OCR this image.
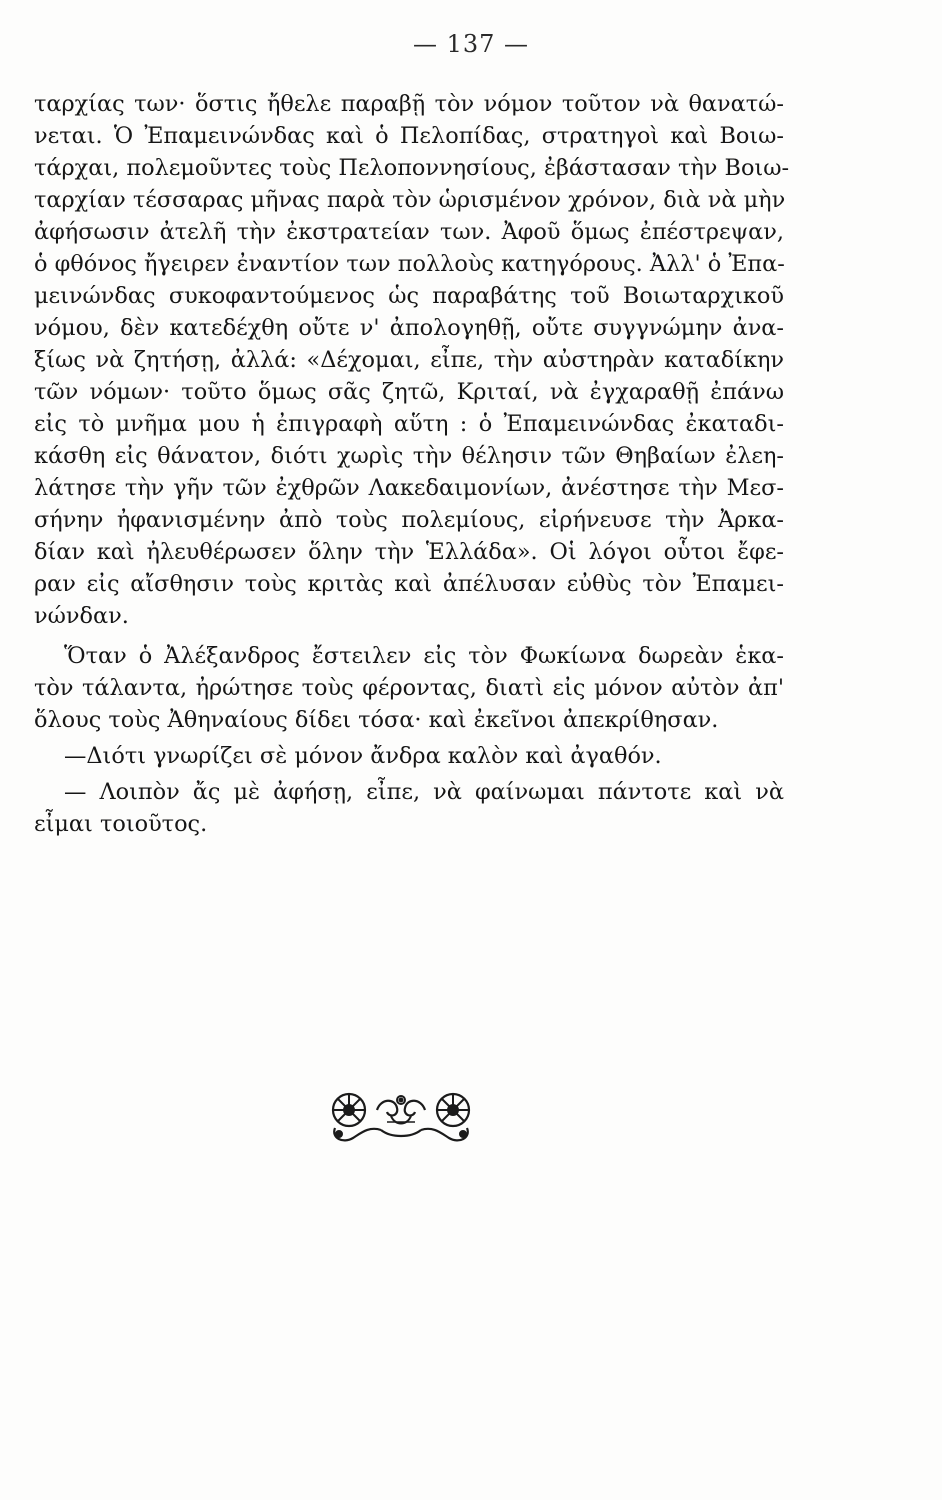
— 137 —
ταρχίας των· ὅστις ἤθελε παραβῇ τὸν νόμον τοῦτον νὰ θανατώ-
νεται. Ὁ Ἐπαμεινώνδας καὶ ὁ Πελοπίδας, στρατηγοὶ καὶ Βοιω-
τάρχαι, πολεμοῦντες τοὺς Πελοποννησίους, ἐβάστασαν τὴν Βοιω-
ταρχίαν τέσσαρας μῆνας παρὰ τὸν ὡρισμένον χρόνον, διὰ νὰ μὴν
ἀφήσωσιν ἀτελῆ τὴν ἐκστρατείαν των. Ἀφοῦ ὅμως ἐπέστρεψαν,
ὁ φθόνος ἤγειρεν ἐναντίον των πολλοὺς κατηγόρους. Ἀλλ' ὁ Ἐπα-
μεινώνδας συκοφαντούμενος ὡς παραβάτης τοῦ Βοιωταρχικοῦ
νόμου, δὲν κατεδέχθη οὔτε ν' ἀπολογηθῇ, οὔτε συγγνώμην ἀνα-
ξίως νὰ ζητήσῃ, ἀλλά: «Δέχομαι, εἶπε, τὴν αὐστηρὰν καταδίκην
τῶν νόμων· τοῦτο ὅμως σᾶς ζητῶ, Κριταί, νὰ ἐγχαραθῇ ἐπάνω
εἰς τὸ μνῆμα μου ἡ ἐπιγραφὴ αὕτη : ὁ Ἐπαμεινώνδας ἐκαταδι-
κάσθη εἰς θάνατον, διότι χωρὶς τὴν θέλησιν τῶν Θηβαίων ἐλεη-
λάτησε τὴν γῆν τῶν ἐχθρῶν Λακεδαιμονίων, ἀνέστησε τὴν Μεσ-
σήνην ἠφανισμένην ἀπὸ τοὺς πολεμίους, εἰρήνευσε τὴν Ἀρκα-
δίαν καὶ ἠλευθέρωσεν ὅλην τὴν Ἑλλάδα». Οἱ λόγοι οὗτοι ἔφε-
ραν εἰς αἴσθησιν τοὺς κριτὰς καὶ ἀπέλυσαν εὐθὺς τὸν Ἐπαμει-
νώνδαν.
Ὅταν ὁ Ἀλέξανδρος ἔστειλεν εἰς τὸν Φωκίωνα δωρεὰν ἑκα-
τὸν τάλαντα, ἠρώτησε τοὺς φέροντας, διατὶ εἰς μόνον αὐτὸν ἀπ'
ὅλους τοὺς Ἀθηναίους δίδει τόσα· καὶ ἐκεῖνοι ἀπεκρίθησαν.
—Διότι γνωρίζει σὲ μόνον ἄνδρα καλὸν καὶ ἀγαθόν.
— Λοιπὸν ἄς μὲ ἀφήσῃ, εἶπε, νὰ φαίνωμαι πάντοτε καὶ νὰ
εἶμαι τοιοῦτος.
